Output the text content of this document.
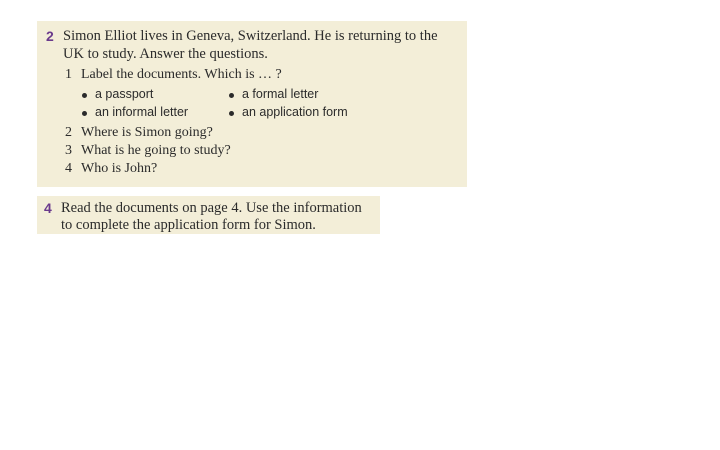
2 Simon Elliot lives in Geneva, Switzerland. He is returning to the
UK to study. Answer the questions.
1 Label the documents. Which is … ?
a passport
an informal letter
a formal letter
an application form
2 Where is Simon going?
3 What is he going to study?
4 Who is John?
4 Read the documents on page 4. Use the information
to complete the application form for Simon.
